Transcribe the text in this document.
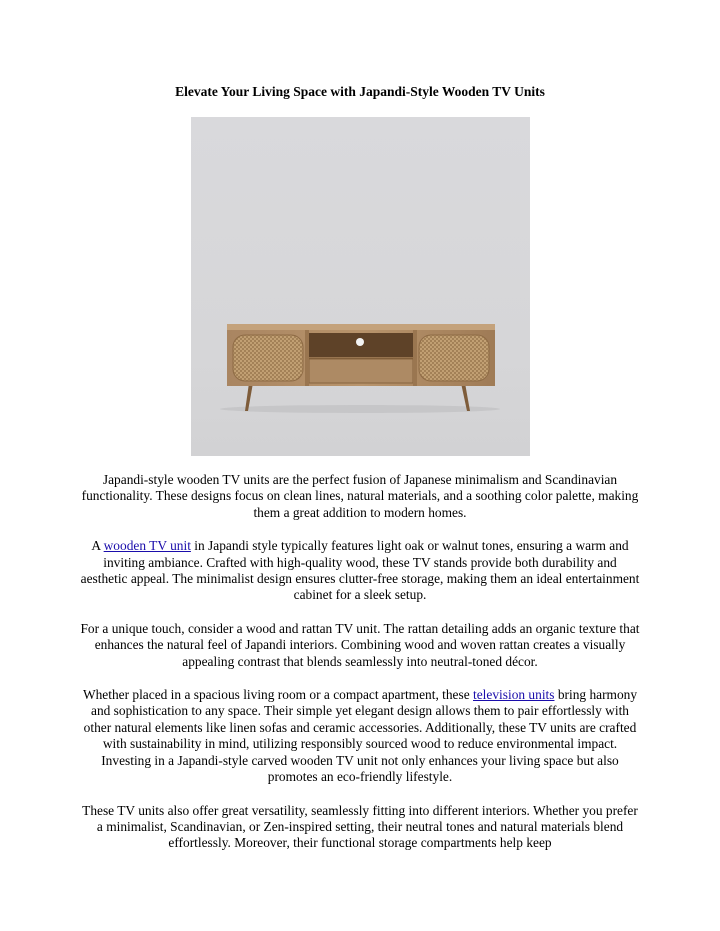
Elevate Your Living Space with Japandi-Style Wooden TV Units

Japandi-style wooden TV units are the perfect fusion of Japanese minimalism and Scandinavian functionality. These designs focus on clean lines, natural materials, and a soothing color palette, making them a great addition to modern homes.

A wooden TV unit in Japandi style typically features light oak or walnut tones, ensuring a warm and inviting ambiance. Crafted with high-quality wood, these TV stands provide both durability and aesthetic appeal. The minimalist design ensures clutter-free storage, making them an ideal entertainment cabinet for a sleek setup.

For a unique touch, consider a wood and rattan TV unit. The rattan detailing adds an organic texture that enhances the natural feel of Japandi interiors. Combining wood and woven rattan creates a visually appealing contrast that blends seamlessly into neutral-toned décor.

Whether placed in a spacious living room or a compact apartment, these television units bring harmony and sophistication to any space. Their simple yet elegant design allows them to pair effortlessly with other natural elements like linen sofas and ceramic accessories. Additionally, these TV units are crafted with sustainability in mind, utilizing responsibly sourced wood to reduce environmental impact. Investing in a Japandi-style carved wooden TV unit not only enhances your living space but also promotes an eco-friendly lifestyle.

These TV units also offer great versatility, seamlessly fitting into different interiors. Whether you prefer a minimalist, Scandinavian, or Zen-inspired setting, their neutral tones and natural materials blend effortlessly. Moreover, their functional storage compartments help keep
